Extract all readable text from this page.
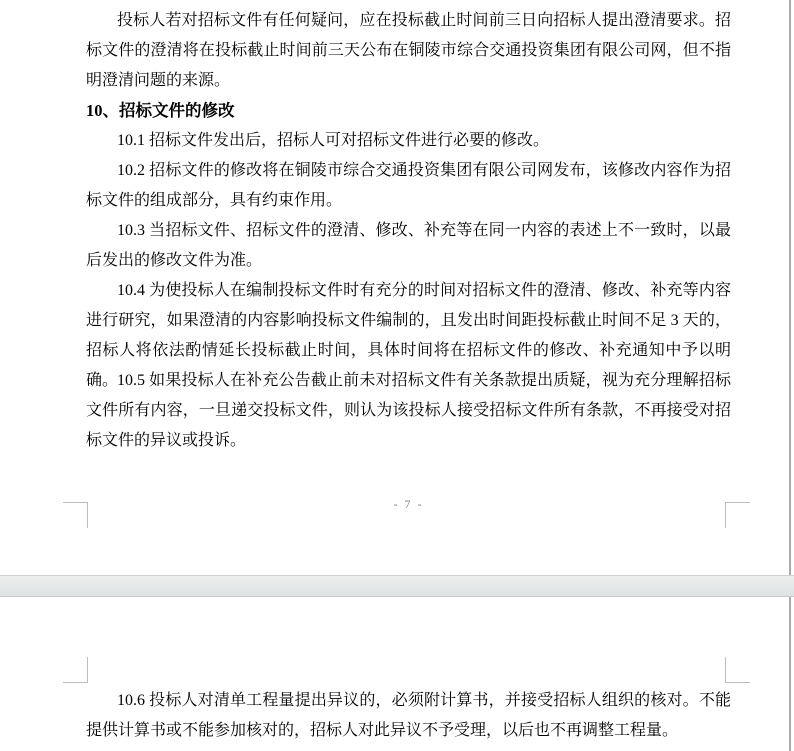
投标人若对招标文件有任何疑问，应在投标截止时间前三日向招标人提出澄清要求。招标文件的澄清将在投标截止时间前三天公布在铜陵市综合交通投资集团有限公司网，但不指明澄清问题的来源。

10、招标文件的修改

10.1 招标文件发出后，招标人可对招标文件进行必要的修改。

10.2 招标文件的修改将在铜陵市综合交通投资集团有限公司网发布，该修改内容作为招标文件的组成部分，具有约束作用。

10.3 当招标文件、招标文件的澄清、修改、补充等在同一内容的表述上不一致时，以最后发出的修改文件为准。

10.4 为使投标人在编制投标文件时有充分的时间对招标文件的澄清、修改、补充等内容进行研究，如果澄清的内容影响投标文件编制的，且发出时间距投标截止时间不足 3 天的，招标人将依法酌情延长投标截止时间，具体时间将在招标文件的修改、补充通知中予以明确。

10.5 如果投标人在补充公告截止前未对招标文件有关条款提出质疑，视为充分理解招标文件所有内容，一旦递交投标文件，则认为该投标人接受招标文件所有条款，不再接受对招标文件的异议或投诉。

- 7 -

10.6 投标人对清单工程量提出异议的，必须附计算书，并接受招标人组织的核对。不能提供计算书或不能参加核对的，招标人对此异议不予受理，以后也不再调整工程量。
